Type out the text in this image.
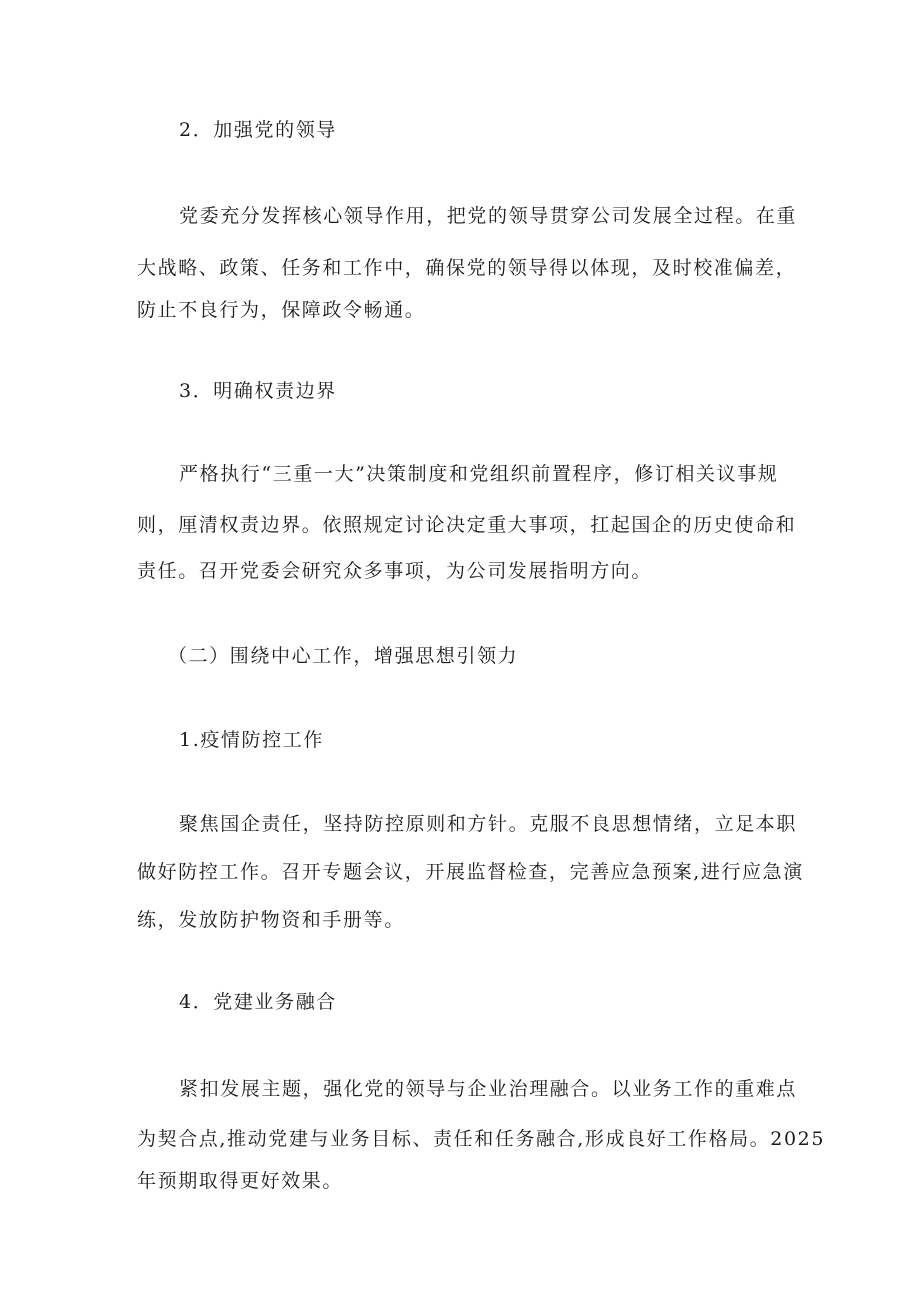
2．加强党的领导
党委充分发挥核心领导作用，把党的领导贯穿公司发展全过程。在重
大战略、政策、任务和工作中，确保党的领导得以体现，及时校准偏差，
防止不良行为，保障政令畅通。
3．明确权责边界
严格执行“三重一大”决策制度和党组织前置程序，修订相关议事规
则，厘清权责边界。依照规定讨论决定重大事项，扛起国企的历史使命和
责任。召开党委会研究众多事项，为公司发展指明方向。
（二）围绕中心工作，增强思想引领力
1.疫情防控工作
聚焦国企责任，坚持防控原则和方针。克服不良思想情绪，立足本职
做好防控工作。召开专题会议，开展监督检查，完善应急预案,进行应急演
练，发放防护物资和手册等。
4．党建业务融合
紧扣发展主题，强化党的领导与企业治理融合。以业务工作的重难点
为契合点,推动党建与业务目标、责任和任务融合,形成良好工作格局。2025
年预期取得更好效果。
